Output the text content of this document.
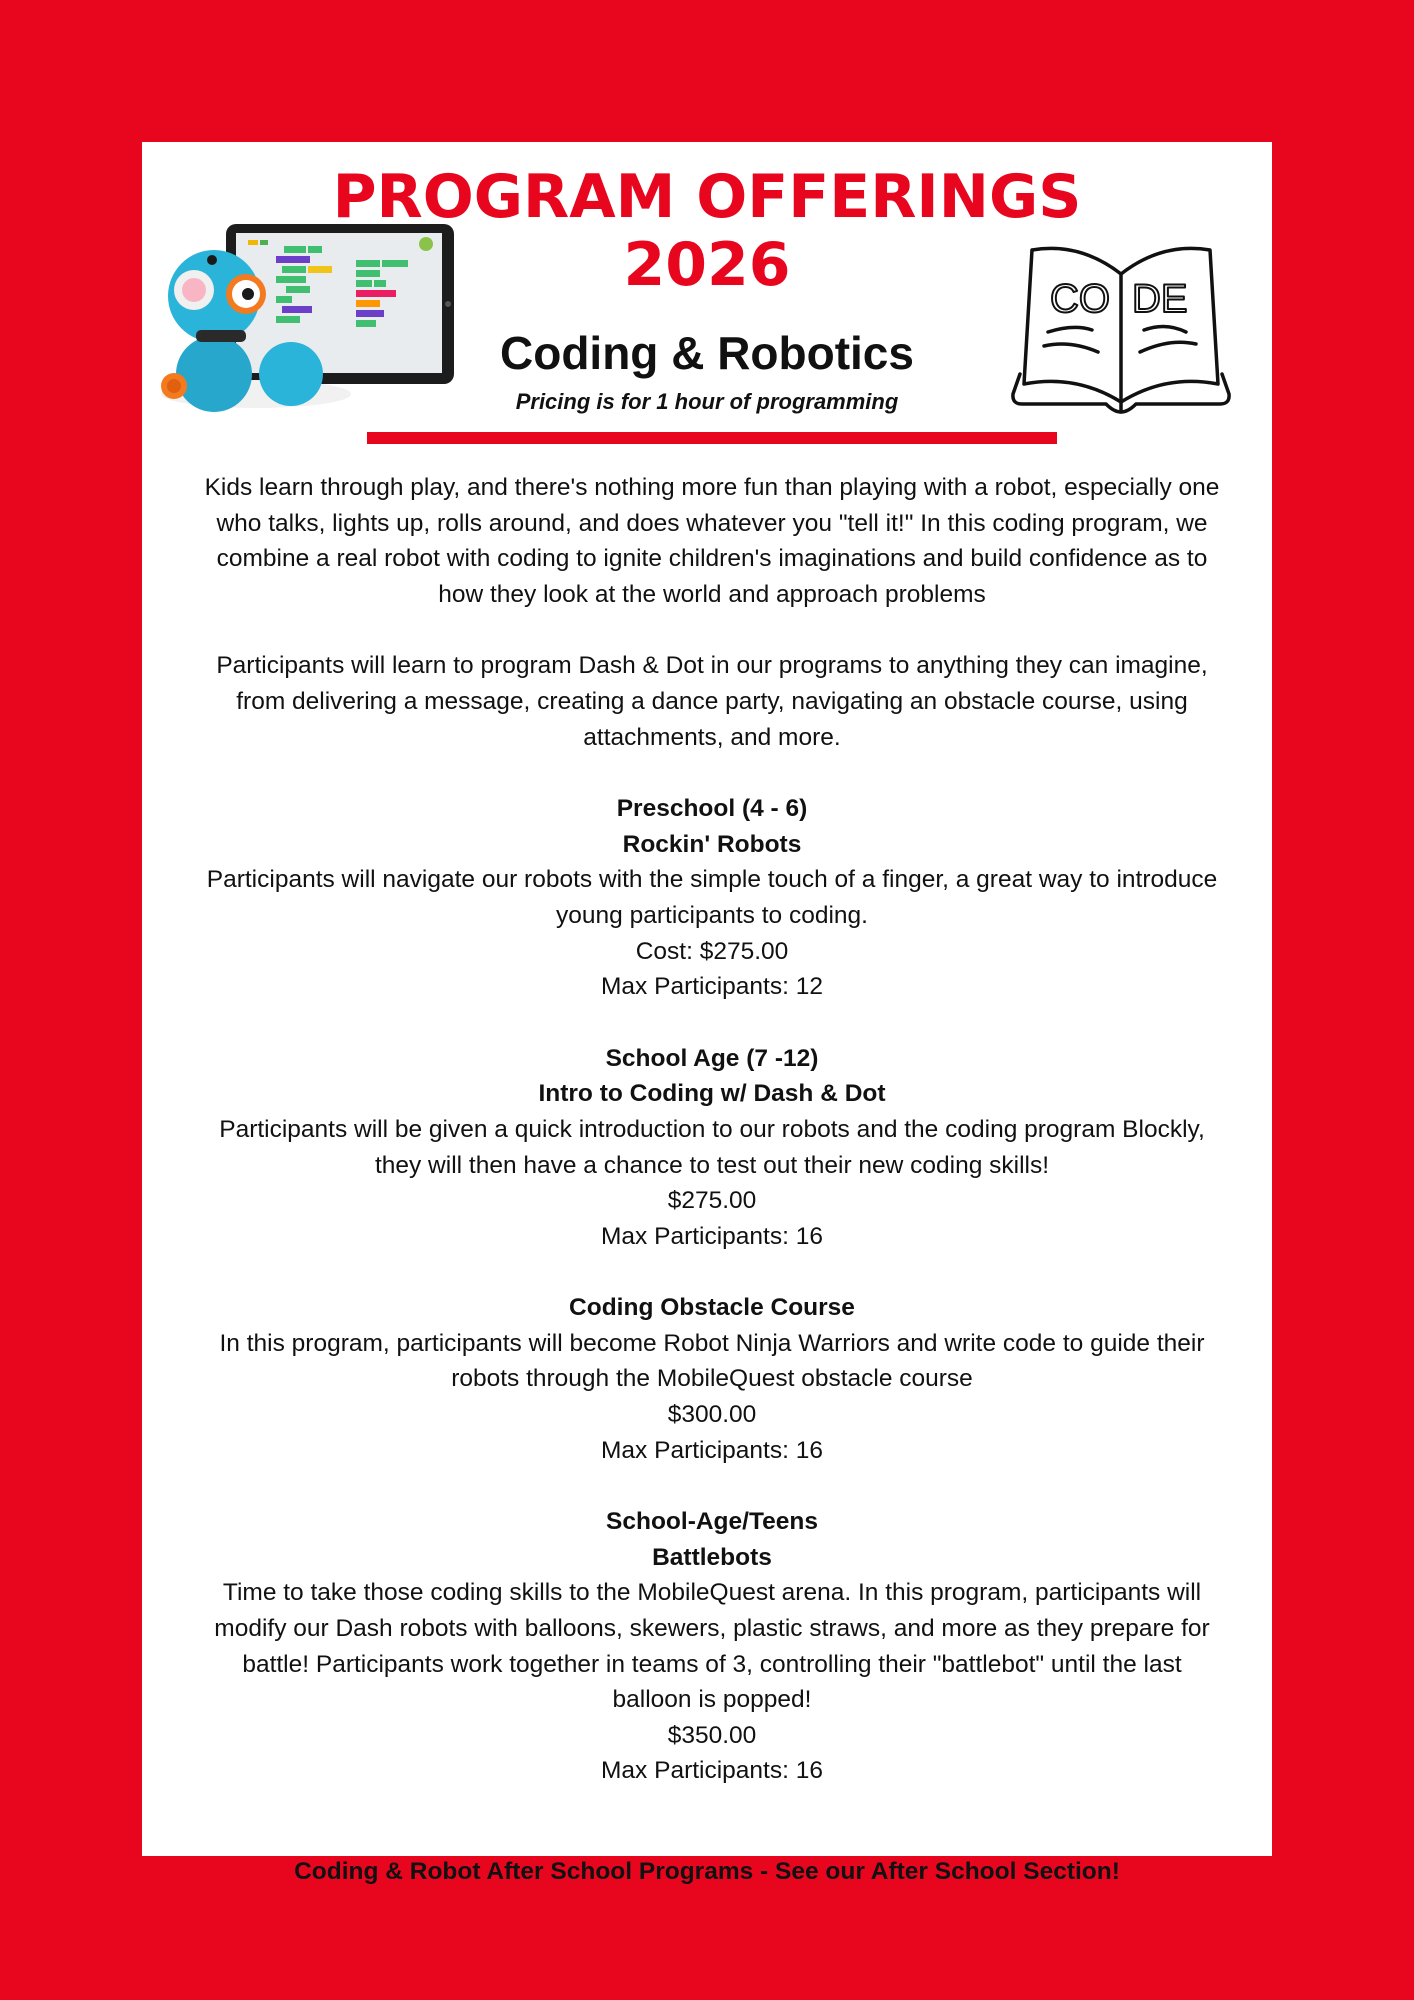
PROGRAM OFFERINGS
2026
Coding & Robotics
Pricing is for 1 hour of programming
CO DE

Kids learn through play, and there's nothing more fun than playing with a robot, especially one who talks, lights up, rolls around, and does whatever you "tell it!" In this coding program, we combine a real robot with coding to ignite children's imaginations and build confidence as to how they look at the world and approach problems

Participants will learn to program Dash & Dot in our programs to anything they can imagine, from delivering a message, creating a dance party, navigating an obstacle course, using attachments, and more.

Preschool (4 - 6)

Rockin' Robots

Participants will navigate our robots with the simple touch of a finger, a great way to introduce young participants to coding.

Cost: $275.00

Max Participants: 12

School Age (7 -12)

Intro to Coding w/ Dash & Dot

Participants will be given a quick introduction to our robots and the coding program Blockly, they will then have a chance to test out their new coding skills!

$275.00

Max Participants: 16

Coding Obstacle Course

In this program, participants will become Robot Ninja Warriors and write code to guide their robots through the MobileQuest obstacle course

$300.00

Max Participants: 16

School-Age/Teens

Battlebots

Time to take those coding skills to the MobileQuest arena. In this program, participants will modify our Dash robots with balloons, skewers, plastic straws, and more as they prepare for battle! Participants work together in teams of 3, controlling their "battlebot" until the last balloon is popped!

$350.00

Max Participants: 16

Coding & Robot After School Programs - See our After School Section!
